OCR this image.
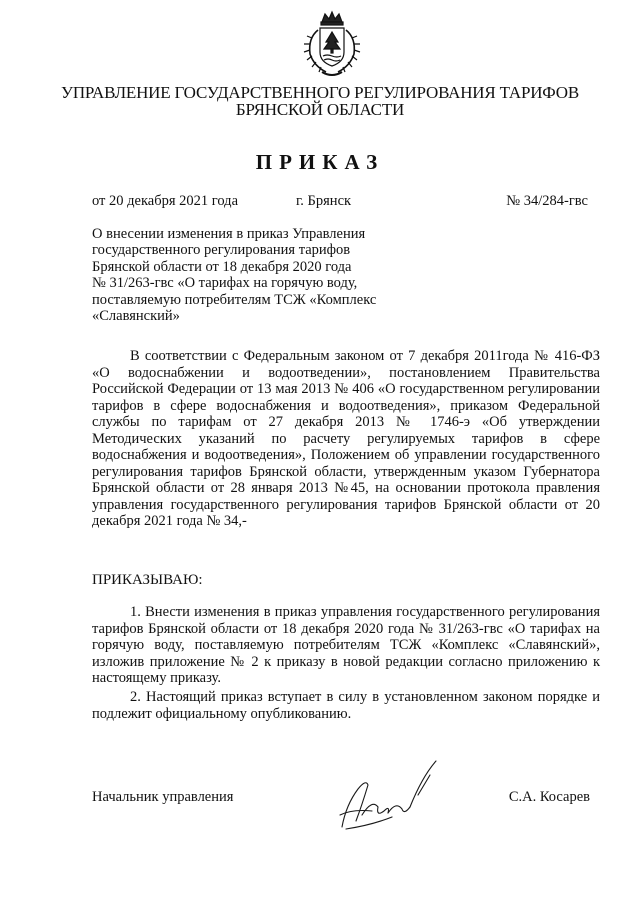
УПРАВЛЕНИЕ ГОСУДАРСТВЕННОГО РЕГУЛИРОВАНИЯ ТАРИФОВ
БРЯНСКОЙ ОБЛАСТИ
ПРИКАЗ
от 20 декабря 2021 года	г. Брянск	№ 34/284-гвс
О внесении изменения в приказ Управления
государственного регулирования тарифов
Брянской области от 18 декабря 2020 года
№ 31/263-гвс «О тарифах на горячую воду,
поставляемую потребителям ТСЖ «Комплекс
«Славянский»
В соответствии с Федеральным законом от 7 декабря 2011года № 416-ФЗ «О водоснабжении и водоотведении», постановлением Правительства Российской Федерации от 13 мая 2013 № 406 «О государственном регулировании тарифов в сфере водоснабжения и водоотведения», приказом Федеральной службы по тарифам от 27 декабря 2013 № 1746-э «Об утверждении Методических указаний по расчету регулируемых тарифов в сфере водоснабжения и водоотведения», Положением об управлении государственного регулирования тарифов Брянской области, утвержденным указом Губернатора Брянской области от 28 января 2013 №45, на основании протокола правления управления государственного регулирования тарифов Брянской области от 20 декабря 2021 года № 34,-
ПРИКАЗЫВАЮ:
1. Внести изменения в приказ управления государственного регулирования тарифов Брянской области от 18 декабря 2020 года № 31/263-гвс «О тарифах на горячую воду, поставляемую потребителям ТСЖ «Комплекс «Славянский», изложив приложение № 2 к приказу в новой редакции согласно приложению к настоящему приказу.
2. Настоящий приказ вступает в силу в установленном законом порядке и подлежит официальному опубликованию.
Начальник управления	С.А. Косарев
